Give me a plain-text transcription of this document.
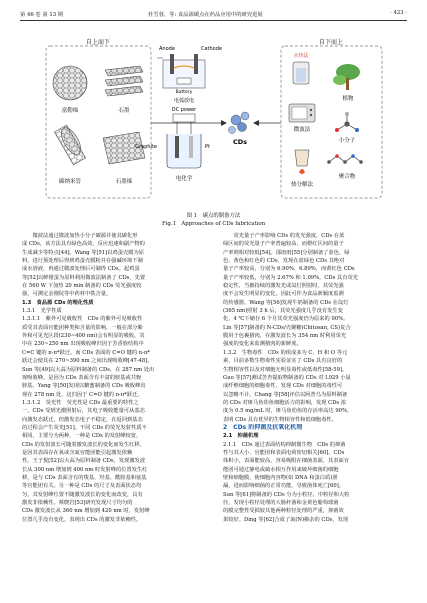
第 46 卷 第 13 期	杜雪蓉，等: 食品源碳点在药品应用中的研究进展	· 423 ·
自上而下
富勒烯	石墨
碳纳米管	石墨烯
Anode	Cathode
Battery
电弧放电
DC power
Graphite
电化学
Pt
CDs
自下而上
水热法
植物
微波法
小分子
聚合物
热分解法
图 1　碳点的制备方法
Fig.1　Approaches of CDs fabrication

　　微波法通过微波加热小分子碳源并使其碳化形

成 CDs，该方法具有绿色高效、反应迅速和副产物的

生成减少等特点[44]。Wang 等[51]以鸡蛋壳膜为原

料，进行预处理后得到鸡蛋壳膜粉并在强碱环境下制

成水溶液，再通过微波处理后可制得 CDs。起鸡蛋

等[52]以鲜猪蛋为原料利用微波法制备了 CDs，先置

在 560 W 下加热 20 min 制备的 CDs 荧光强度较

强，可测定金刚烷等中药材中铁含量。

1.3　食品源 CDs 的理化性质

1.3.1　光学性质

1.3.1.1　紫外可见吸收性　CDs 的紫外可见吸收性

质受其表面官能团种类和含量的影响，一般在部分紫

外和可见光区段(230~400 nm)会有明显的吸收，其

中在 230~250 nm 出现吸收峰归因于芳香族结构中

C=C 键的 π-π*跃迁，而 CDs 表面的 C=O 键的 n-π*

跃迁会使其在 270~390 nm 之间出现吸收峰[47-48]。

Sun 等[49]以大蒜为原料制备的 CDs，在 287 nm 处出

现吸收峰，是因为 CDs 表面含有丰富的胺基或共轭

胺基。Yang 等[50]发现以糖蜜制备的 CDs 吸收峰出

现在 278 nm 处，这归因于 C=O 键的 n-π*跃迁。

1.3.1.2　荧光性　荧光性是 CDs 最重要的特性之

一，CDs 受到光激照射后，其电子吸收能量可从基态

向激发态跃迁，但激发态电子不稳定，在返回到基态

的过程会产生荧光[51]。不同 CDs 的荧光发射性质不

相同，主要分为两种，一种是 CDs 的发射峰较宽，

CDs 的发射波长可随着激发波长的变化而发生红移，

是因其表面存在氧或含氮官能团能引起激发依赖

性。王子悦[52]以大蒜为原料制备 CDs，发现激发波

长从 300 nm 增加到 400 nm 时发射峰的位置发生红

移，是与 CDs 表面含有的羧基、羟基、酰胺基和氨基

等官能团有关。另一种是 CDs 的尺寸及表面状态均

匀，其发射峰位置不随激发波长的变化而改变，具有

激发非依赖性。蔡晓岩[53]研究发现尺寸均匀的

CDs 激发波长从 360 nm 增加到 420 nm 时，发射峰

位置几乎没有变化，表现出 CDs 的激发非依赖性。

　　荧光量子产率影响 CDs 的发光强度，CDs 在蓝

绿区间的荧光量子产率普遍较高，而橙红区间的量子

产率则相对较低[54]。邵雨雨[55]分别制备了蓝色、绿

色、黄色和红色的 CDs，发现在蓝绿色 CDs 其绝对

量子产率较高，分别为 6.90%、6.89%，而黄红色 CDs

量子产率较低，分别为 2.67% 和 1.09%。CDs 具有荧光

稳定性，当被持续的激发光或氙灯照射时，其荧光强

度不会发生明显的变化，因此可作为食品新颖度监测

的传感器。Wang 等[56]发现牛奶制备的 CDs 在氙灯

(365 nm)照射 3 h 后，其荧光强度几乎没有发生变

化，4 ℃下储存 6 个月其荧光强度仍为原来的 90%。

Lin 等[57]制备的 N-CDs/壳聚糖(Chitosan, CS)复合

膜用于包裹猪肉，在激发波长为 354 nm 时利用荧光

强度的变化来监测猪肉的新鲜度。

1.3.2　生物毒性　CDs 的组成多为 C、H 和 O 等元

素，目前多数生物毒性实验证实了 CDs 具有良好的

生物相容性以及对细胞无明显毒性或低毒性[58-59]。

Guo 等[57]测试苦杏提取物制备的 CDs 对 L929 小鼠

成纤维细胞的细胞毒性，发现 CDs 对细胞的毒性可

以忽略不计。Chang 等[58]评估以阿普乌为原料制备

的 CDs 对斑马鱼幼鱼细胞活力的影响，发现 CDs 浓

度为 0.5 mg/mL 时，斑马鱼幼鱼的存活率高达 90%，

表明 CDs 具有优异的生物相容性和低细胞毒性。

2　CDs 的抑菌及抗氧化机理

2.1　抑菌机理

2.1.1　CDs 通过表面结构抑制微生物　CDs 的抑菌

性与其大小、官能团和表面电荷密切相关[60]。CDs

体积小，表面能较高，容易吸附在细菌表面，其表面官

能团可通过静电或疏水相互作用来破坏细菌的细胞

壁和细胞膜，使细胞内容物(如 DNA 和蛋白质)泄

漏，进而影响细菌的正常功能，导致菌体死亡[60]。

Sun 等[61]将制备的 CDs 分为小粒径、中粒径和大粒

径，发现小粒径处理的大肠杆菌和金黄色葡萄球菌

的膜完整性受损较其他两种粒径处理的严重，抑菌效

果较好。Ding 等[62]合成了氮(N)掺杂的 CDs，发现
